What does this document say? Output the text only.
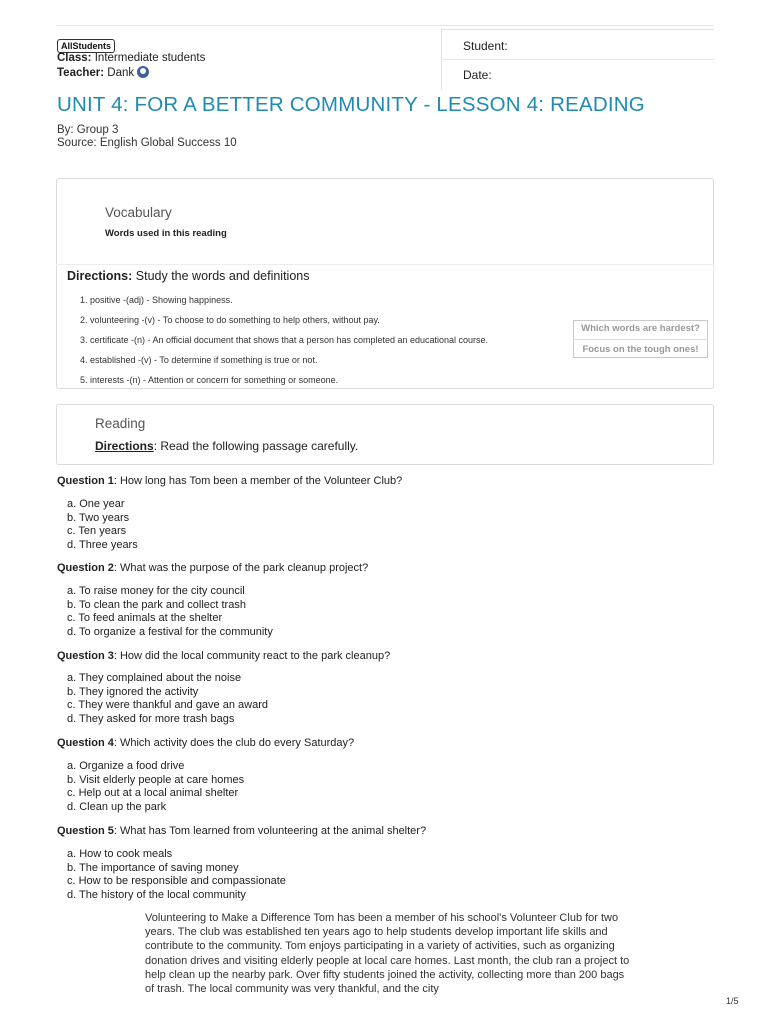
AllStudents
Class: Intermediate students
Teacher: Dank
Student:
Date:
UNIT 4: FOR A BETTER COMMUNITY - LESSON 4: READING
By: Group 3
Source: English Global Success 10
Vocabulary
Words used in this reading
Directions: Study the words and definitions
1. positive -(adj) - Showing happiness.
2. volunteering -(v) - To choose to do something to help others, without pay.
3. certificate -(n) - An official document that shows that a person has completed an educational course.
4. established -(v) - To determine if something is true or not.
5. interests -(n) - Attention or concern for something or someone.
Which words are hardest?
Focus on the tough ones!
Reading
Directions: Read the following passage carefully.
Question 1: How long has Tom been a member of the Volunteer Club?
a. One year
b. Two years
c. Ten years
d. Three years
Question 2: What was the purpose of the park cleanup project?
a. To raise money for the city council
b. To clean the park and collect trash
c. To feed animals at the shelter
d. To organize a festival for the community
Question 3: How did the local community react to the park cleanup?
a. They complained about the noise
b. They ignored the activity
c. They were thankful and gave an award
d. They asked for more trash bags
Question 4: Which activity does the club do every Saturday?
a. Organize a food drive
b. Visit elderly people at care homes
c. Help out at a local animal shelter
d. Clean up the park
Question 5: What has Tom learned from volunteering at the animal shelter?
a. How to cook meals
b. The importance of saving money
c. How to be responsible and compassionate
d. The history of the local community
Volunteering to Make a Difference Tom has been a member of his school's Volunteer Club for two years. The club was established ten years ago to help students develop important life skills and contribute to the community. Tom enjoys participating in a variety of activities, such as organizing donation drives and visiting elderly people at local care homes. Last month, the club ran a project to help clean up the nearby park. Over fifty students joined the activity, collecting more than 200 bags of trash. The local community was very thankful, and the city
1/5
